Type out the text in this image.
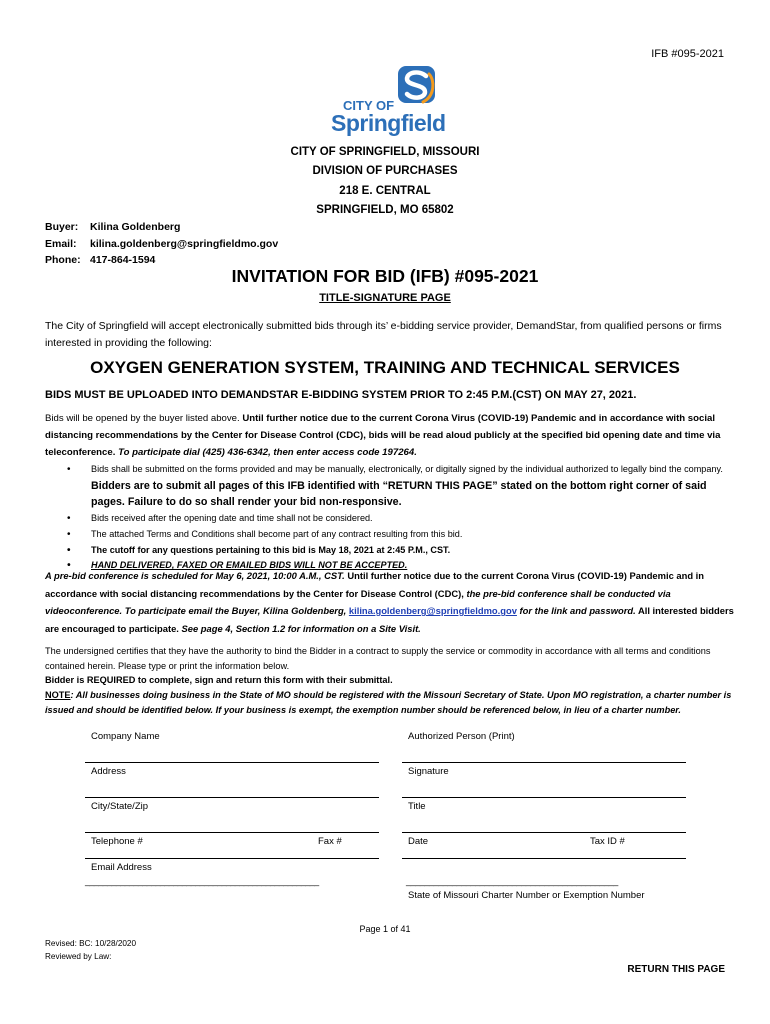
IFB #095-2021
CITY OF
Springfield
CITY OF SPRINGFIELD, MISSOURI
DIVISION OF PURCHASES
218 E. CENTRAL
SPRINGFIELD, MO 65802
Buyer: Kilina Goldenberg
Email: kilina.goldenberg@springfieldmo.gov
Phone: 417-864-1594
INVITATION FOR BID (IFB) #095-2021
TITLE-SIGNATURE PAGE
The City of Springfield will accept electronically submitted bids through its’ e-bidding service provider, DemandStar, from qualified persons or firms interested in providing the following:
OXYGEN GENERATION SYSTEM, TRAINING AND TECHNICAL SERVICES
BIDS MUST BE UPLOADED INTO DEMANDSTAR E-BIDDING SYSTEM PRIOR TO 2:45 P.M.(CST) ON MAY 27, 2021.
Bids will be opened by the buyer listed above. Until further notice due to the current Corona Virus (COVID-19) Pandemic and in accordance with social distancing recommendations by the Center for Disease Control (CDC), bids will be read aloud publicly at the specified bid opening date and time via teleconference. To participate dial (425) 436-6342, then enter access code 197264.
• Bids shall be submitted on the forms provided and may be manually, electronically, or digitally signed by the individual authorized to legally bind the company. Bidders are to submit all pages of this IFB identified with “RETURN THIS PAGE” stated on the bottom right corner of said pages. Failure to do so shall render your bid non-responsive.
• Bids received after the opening date and time shall not be considered.
• The attached Terms and Conditions shall become part of any contract resulting from this bid.
• The cutoff for any questions pertaining to this bid is May 18, 2021 at 2:45 P.M., CST.
• HAND DELIVERED, FAXED OR EMAILED BIDS WILL NOT BE ACCEPTED.
A pre-bid conference is scheduled for May 6, 2021, 10:00 A.M., CST. Until further notice due to the current Corona Virus (COVID-19) Pandemic and in accordance with social distancing recommendations by the Center for Disease Control (CDC), the pre-bid conference shall be conducted via videoconference. To participate email the Buyer, Kilina Goldenberg, kilina.goldenberg@springfieldmo.gov for the link and password. All interested bidders are encouraged to participate. See page 4, Section 1.2 for information on a Site Visit.
The undersigned certifies that they have the authority to bind the Bidder in a contract to supply the service or commodity in accordance with all terms and conditions contained herein. Please type or print the information below.
Bidder is REQUIRED to complete, sign and return this form with their submittal.
NOTE: All businesses doing business in the State of MO should be registered with the Missouri Secretary of State. Upon MO registration, a charter number is issued and should be identified below. If your business is exempt, the exemption number should be referenced below, in lieu of a charter number.
Company Name	Authorized Person (Print)
Address	Signature
City/State/Zip	Title
Telephone #	Fax #	Date	Tax ID #
Email Address
_____________________________________________________	______________________________________________
State of Missouri Charter Number or Exemption Number
Page 1 of 41
Revised: BC: 10/28/2020
Reviewed by Law:
RETURN THIS PAGE
